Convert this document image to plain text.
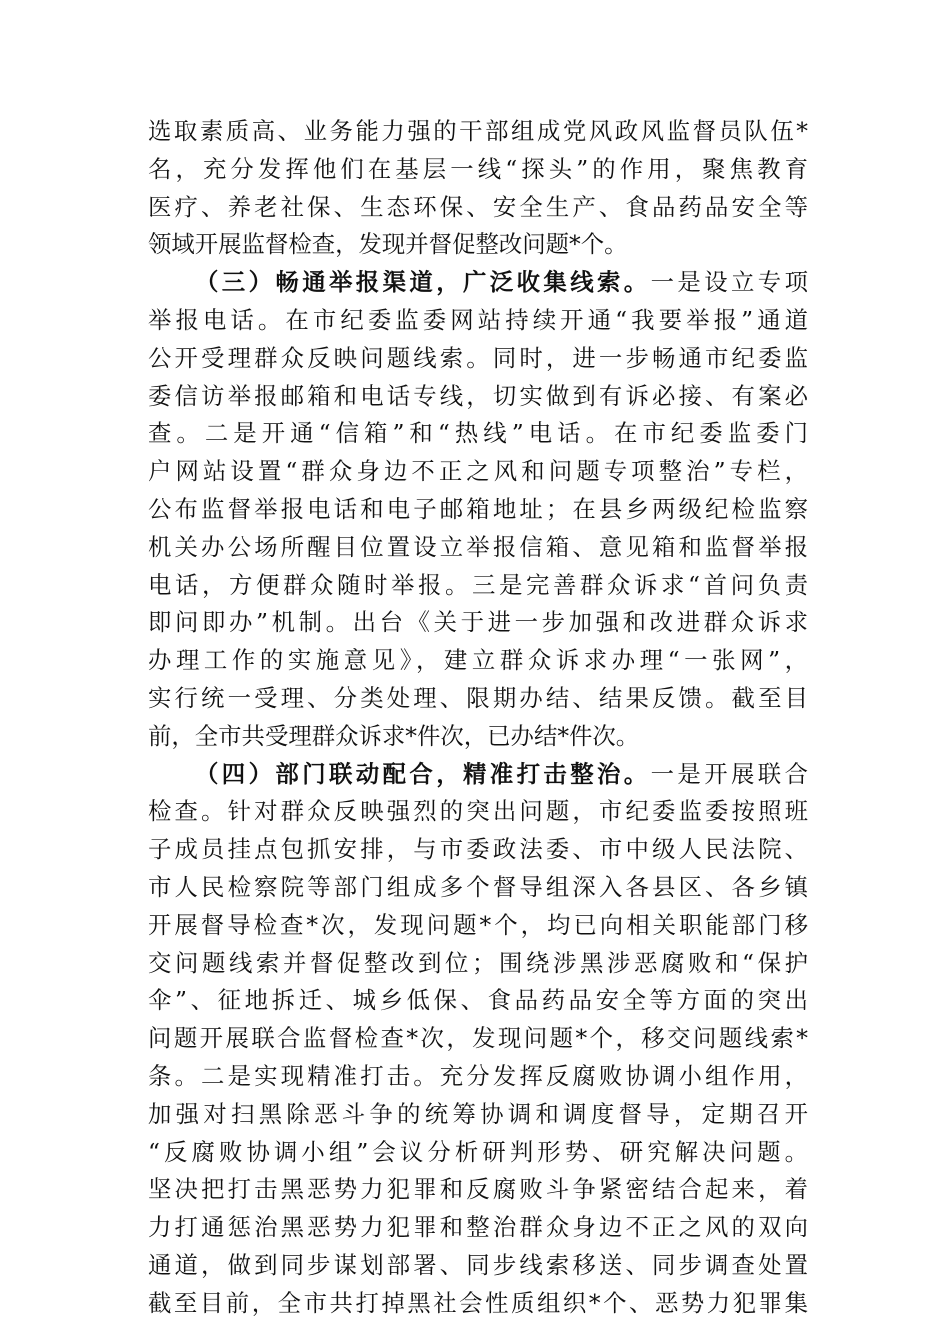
选取素质高、业务能力强的干部组成党风政风监督员队伍*
名，充分发挥他们在基层一线“探头”的作用，聚焦教育
医疗、养老社保、生态环保、安全生产、食品药品安全等
领域开展监督检查，发现并督促整改问题*个。
（三）畅通举报渠道，广泛收集线索。一是设立专项
举报电话。在市纪委监委网站持续开通“我要举报”通道
公开受理群众反映问题线索。同时，进一步畅通市纪委监
委信访举报邮箱和电话专线，切实做到有诉必接、有案必
查。二是开通“信箱”和“热线”电话。在市纪委监委门
户网站设置“群众身边不正之风和问题专项整治”专栏，
公布监督举报电话和电子邮箱地址；在县乡两级纪检监察
机关办公场所醒目位置设立举报信箱、意见箱和监督举报
电话，方便群众随时举报。三是完善群众诉求“首问负责
即问即办”机制。出台《关于进一步加强和改进群众诉求
办理工作的实施意见》，建立群众诉求办理“一张网”，
实行统一受理、分类处理、限期办结、结果反馈。截至目
前，全市共受理群众诉求*件次，已办结*件次。
（四）部门联动配合，精准打击整治。一是开展联合
检查。针对群众反映强烈的突出问题，市纪委监委按照班
子成员挂点包抓安排，与市委政法委、市中级人民法院、
市人民检察院等部门组成多个督导组深入各县区、各乡镇
开展督导检查*次，发现问题*个，均已向相关职能部门移
交问题线索并督促整改到位；围绕涉黑涉恶腐败和“保护
伞”、征地拆迁、城乡低保、食品药品安全等方面的突出
问题开展联合监督检查*次，发现问题*个，移交问题线索*
条。二是实现精准打击。充分发挥反腐败协调小组作用，
加强对扫黑除恶斗争的统筹协调和调度督导，定期召开
“反腐败协调小组”会议分析研判形势、研究解决问题。
坚决把打击黑恶势力犯罪和反腐败斗争紧密结合起来，着
力打通惩治黑恶势力犯罪和整治群众身边不正之风的双向
通道，做到同步谋划部署、同步线索移送、同步调查处置
截至目前，全市共打掉黑社会性质组织*个、恶势力犯罪集
